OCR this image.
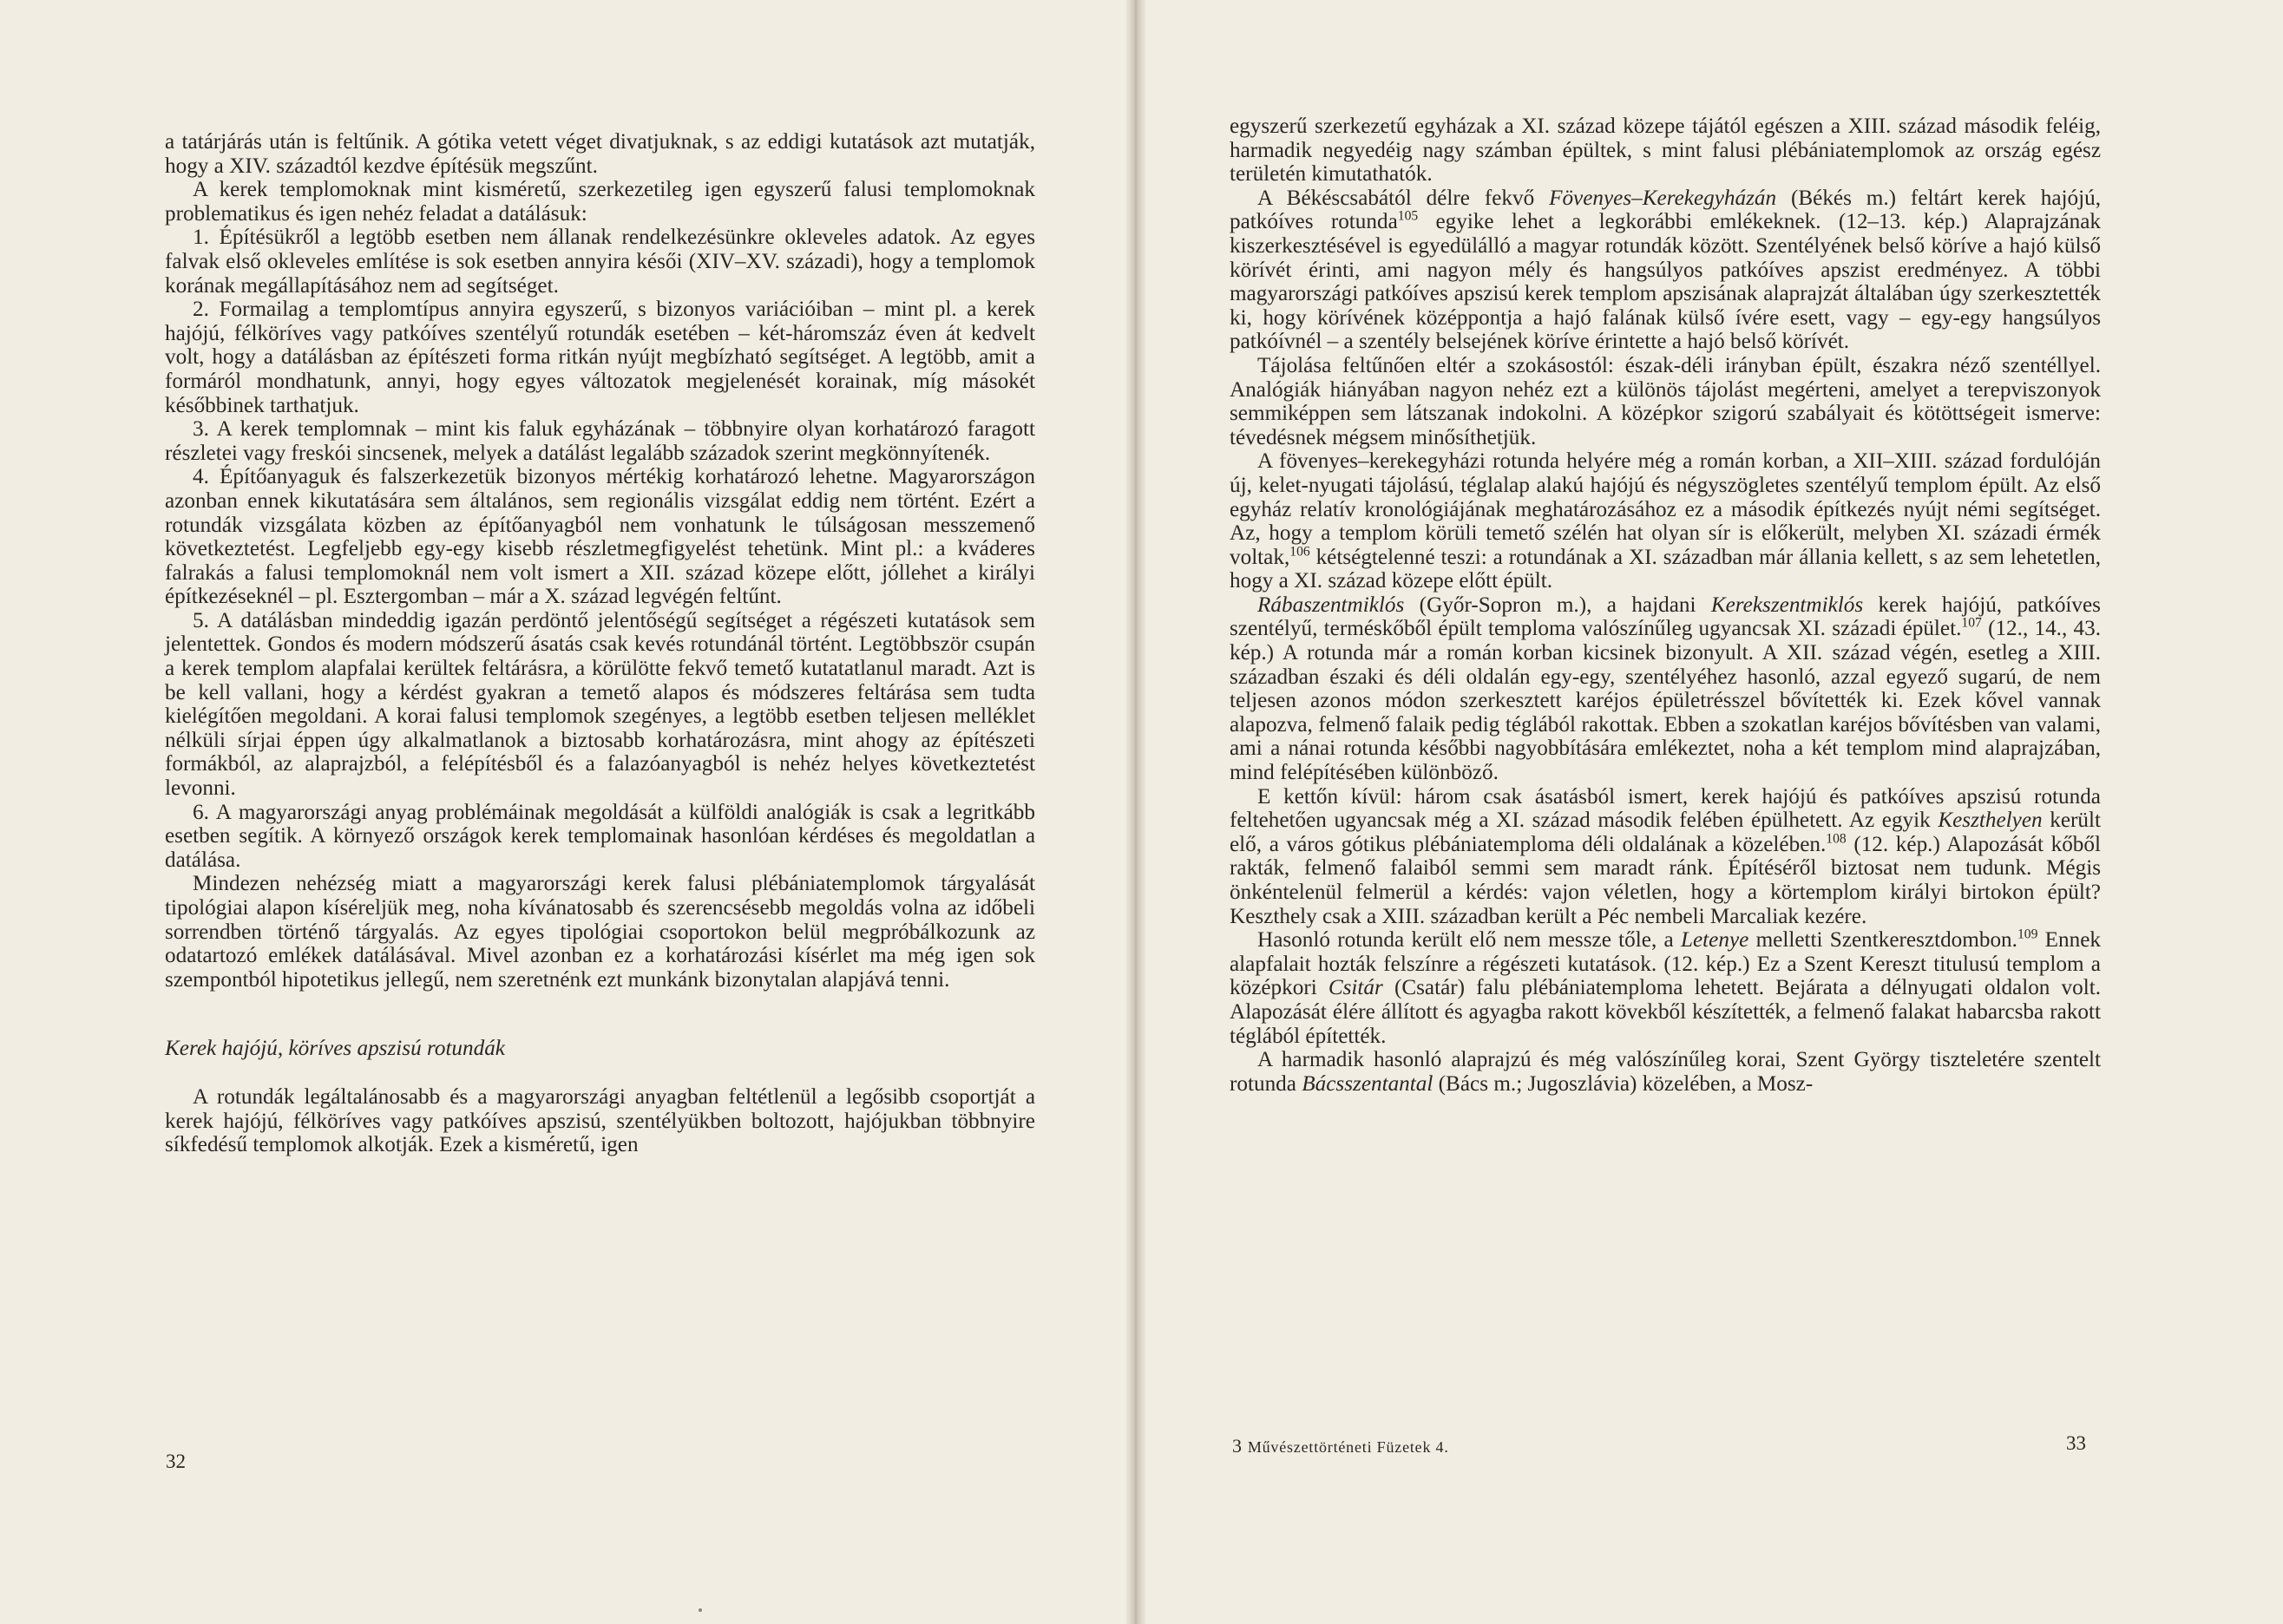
a tatárjárás után is feltűnik. A gótika vetett véget divatjuknak, s az eddigi kutatások azt mutatják, hogy a XIV. századtól kezdve építésük megszűnt.

A kerek templomoknak mint kisméretű, szerkezetileg igen egyszerű falusi templomoknak problematikus és igen nehéz feladat a datálásuk:

1. Építésükről a legtöbb esetben nem állanak rendelkezésünkre okleveles adatok. Az egyes falvak első okleveles említése is sok esetben annyira késői (XIV–XV. századi), hogy a templomok korának megállapításához nem ad segítséget.

2. Formailag a templomtípus annyira egyszerű, s bizonyos variációiban – mint pl. a kerek hajójú, félköríves vagy patkóíves szentélyű rotundák esetében – két-háromszáz éven át kedvelt volt, hogy a datálásban az építészeti forma ritkán nyújt megbízható segítséget. A legtöbb, amit a formáról mondhatunk, annyi, hogy egyes változatok megjelenését korainak, míg másokét későbbinek tarthatjuk.

3. A kerek templomnak – mint kis faluk egyházának – többnyire olyan korhatározó faragott részletei vagy freskói sincsenek, melyek a datálást legalább századok szerint megkönnyítenék.

4. Építőanyaguk és falszerkezetük bizonyos mértékig korhatározó lehetne. Magyarországon azonban ennek kikutatására sem általános, sem regionális vizsgálat eddig nem történt. Ezért a rotundák vizsgálata közben az építőanyagból nem vonhatunk le túlságosan messzemenő következtetést. Legfeljebb egy-egy kisebb részletmegfigyelést tehetünk. Mint pl.: a kváderes falrakás a falusi templomoknál nem volt ismert a XII. század közepe előtt, jóllehet a királyi építkezéseknél – pl. Esztergomban – már a X. század legvégén feltűnt.

5. A datálásban mindeddig igazán perdöntő jelentőségű segítséget a régészeti kutatások sem jelentettek. Gondos és modern módszerű ásatás csak kevés rotundánál történt. Legtöbbször csupán a kerek templom alapfalai kerültek feltárásra, a körülötte fekvő temető kutatatlanul maradt. Azt is be kell vallani, hogy a kérdést gyakran a temető alapos és módszeres feltárása sem tudta kielégítően megoldani. A korai falusi templomok szegényes, a legtöbb esetben teljesen melléklet nélküli sírjai éppen úgy alkalmatlanok a biztosabb korhatározásra, mint ahogy az építészeti formákból, az alaprajzból, a felépítésből és a falazóanyagból is nehéz helyes következtetést levonni.

6. A magyarországi anyag problémáinak megoldását a külföldi analógiák is csak a legritkább esetben segítik. A környező országok kerek templomainak hasonlóan kérdéses és megoldatlan a datálása.

Mindezen nehézség miatt a magyarországi kerek falusi plébániatemplomok tárgyalását tipológiai alapon kíséreljük meg, noha kívánatosabb és szerencsésebb megoldás volna az időbeli sorrendben történő tárgyalás. Az egyes tipológiai csoportokon belül megpróbálkozunk az odatartozó emlékek datálásával. Mivel azonban ez a korhatározási kísérlet ma még igen sok szempontból hipotetikus jellegű, nem szeretnénk ezt munkánk bizonytalan alapjává tenni.

Kerek hajójú, köríves apszisú rotundák

A rotundák legáltalánosabb és a magyarországi anyagban feltétlenül a legősibb csoportját a kerek hajójú, félköríves vagy patkóíves apszisú, szentélyükben boltozott, hajójukban többnyire síkfedésű templomok alkotják. Ezek a kisméretű, igen

32

egyszerű szerkezetű egyházak a XI. század közepe tájától egészen a XIII. század második feléig, harmadik negyedéig nagy számban épültek, s mint falusi plébániatemplomok az ország egész területén kimutathatók.

A Békéscsabától délre fekvő Fövenyes–Kerekegyházán (Békés m.) feltárt kerek hajójú, patkóíves rotunda$^{105}$ egyike lehet a legkorábbi emlékeknek. (12–13. kép.) Alaprajzának kiszerkesztésével is egyedülálló a magyar rotundák között. Szentélyének belső köríve a hajó külső körívét érinti, ami nagyon mély és hangsúlyos patkóíves apszist eredményez. A többi magyarországi patkóíves apszisú kerek templom apszisának alaprajzát általában úgy szerkesztették ki, hogy körívének középpontja a hajó falának külső ívére esett, vagy – egy-egy hangsúlyos patkóívnél – a szentély belsejének köríve érintette a hajó belső körívét.

Tájolása feltűnően eltér a szokásostól: észak-déli irányban épült, északra néző szentéllyel. Analógiák hiányában nagyon nehéz ezt a különös tájolást megérteni, amelyet a terepviszonyok semmiképpen sem látszanak indokolni. A középkor szigorú szabályait és kötöttségeit ismerve: tévedésnek mégsem minősíthetjük.

A fövenyes–kerekegyházi rotunda helyére még a román korban, a XII–XIII. század fordulóján új, kelet-nyugati tájolású, téglalap alakú hajójú és négyszögletes szentélyű templom épült. Az első egyház relatív kronológiájának meghatározásához ez a második építkezés nyújt némi segítséget. Az, hogy a templom körüli temető szélén hat olyan sír is előkerült, melyben XI. századi érmék voltak,$^{106}$ kétségtelenné teszi: a rotundának a XI. században már állania kellett, s az sem lehetetlen, hogy a XI. század közepe előtt épült.

Rábaszentmiklós (Győr-Sopron m.), a hajdani Kerekszentmiklós kerek hajójú, patkóíves szentélyű, terméskőből épült temploma valószínűleg ugyancsak XI. századi épület.$^{107}$ (12., 14., 43. kép.) A rotunda már a román korban kicsinek bizonyult. A XII. század végén, esetleg a XIII. században északi és déli oldalán egy-egy, szentélyéhez hasonló, azzal egyező sugarú, de nem teljesen azonos módon szerkesztett karéjos épületrésszel bővítették ki. Ezek kővel vannak alapozva, felmenő falaik pedig téglából rakottak. Ebben a szokatlan karéjos bővítésben van valami, ami a nánai rotunda későbbi nagyobbítására emlékeztet, noha a két templom mind alaprajzában, mind felépítésében különböző.

E kettőn kívül: három csak ásatásból ismert, kerek hajójú és patkóíves apszisú rotunda feltehetően ugyancsak még a XI. század második felében épülhetett. Az egyik Keszthelyen került elő, a város gótikus plébániatemploma déli oldalának a közelében.$^{108}$ (12. kép.) Alapozását kőből rakták, felmenő falaiból semmi sem maradt ránk. Építéséről biztosat nem tudunk. Mégis önkéntelenül felmerül a kérdés: vajon véletlen, hogy a körtemplom királyi birtokon épült? Keszthely csak a XIII. században került a Péc nembeli Marcaliak kezére.

Hasonló rotunda került elő nem messze tőle, a Letenye melletti Szentkeresztdombon.$^{109}$ Ennek alapfalait hozták felszínre a régészeti kutatások. (12. kép.) Ez a Szent Kereszt titulusú templom a középkori Csitár (Csatár) falu plébániatemploma lehetett. Bejárata a délnyugati oldalon volt. Alapozását élére állított és agyagba rakott kövekből készítették, a felmenő falakat habarcsba rakott téglából építették.

A harmadik hasonló alaprajzú és még valószínűleg korai, Szent György tiszteletére szentelt rotunda Bácsszentantal (Bács m.; Jugoszlávia) közelében, a Mosz-

3 Művészettörténeti Füzetek 4.	33
